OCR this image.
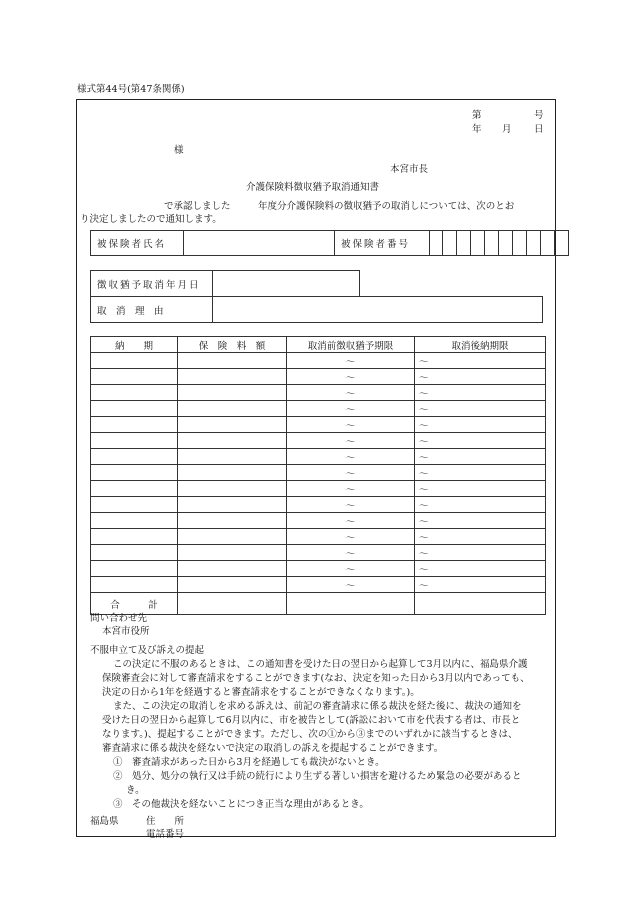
様式第44号(第47条関係)
第	号
年 月 日
様
本宮市長
介護保険料徴収猶予取消通知書
で承認しました	年度分介護保険料の徴収猶予の取消しについては、次のとお
り決定しましたので通知します。
被保険者氏名		被保険者番号										
徴収猶予取消年月日		
取　消　理　由		
納　　期	保　険　料　額	取消前徴収猶予期限	取消後納期限
		～	～
		～	～
		～	～
		～	～
		～	～
		～	～
		～	～
		～	～
		～	～
		～	～
		～	～
		～	～
		～	～
		～	～
		～	～
合　　　計			
問い合わせ先
本宮市役所
不服申立て及び訴えの提起
この決定に不服のあるときは、この通知書を受けた日の翌日から起算して3月以内に、福島県介護
保険審査会に対して審査請求をすることができます(なお、決定を知った日から3月以内であっても、
決定の日から1年を経過すると審査請求をすることができなくなります。)。
また、この決定の取消しを求める訴えは、前記の審査請求に係る裁決を経た後に、裁決の通知を
受けた日の翌日から起算して6月以内に、市を被告として(訴訟において市を代表する者は、市長と
なります。)、提起することができます。ただし、次の①から③までのいずれかに該当するときは、
審査請求に係る裁決を経ないで決定の取消しの訴えを提起することができます。
①　審査請求があった日から3月を経過しても裁決がないとき。
②　処分、処分の執行又は手続の続行により生ずる著しい損害を避けるため緊急の必要があると
き。
③　その他裁決を経ないことにつき正当な理由があるとき。
福島県	住　　所
電話番号
